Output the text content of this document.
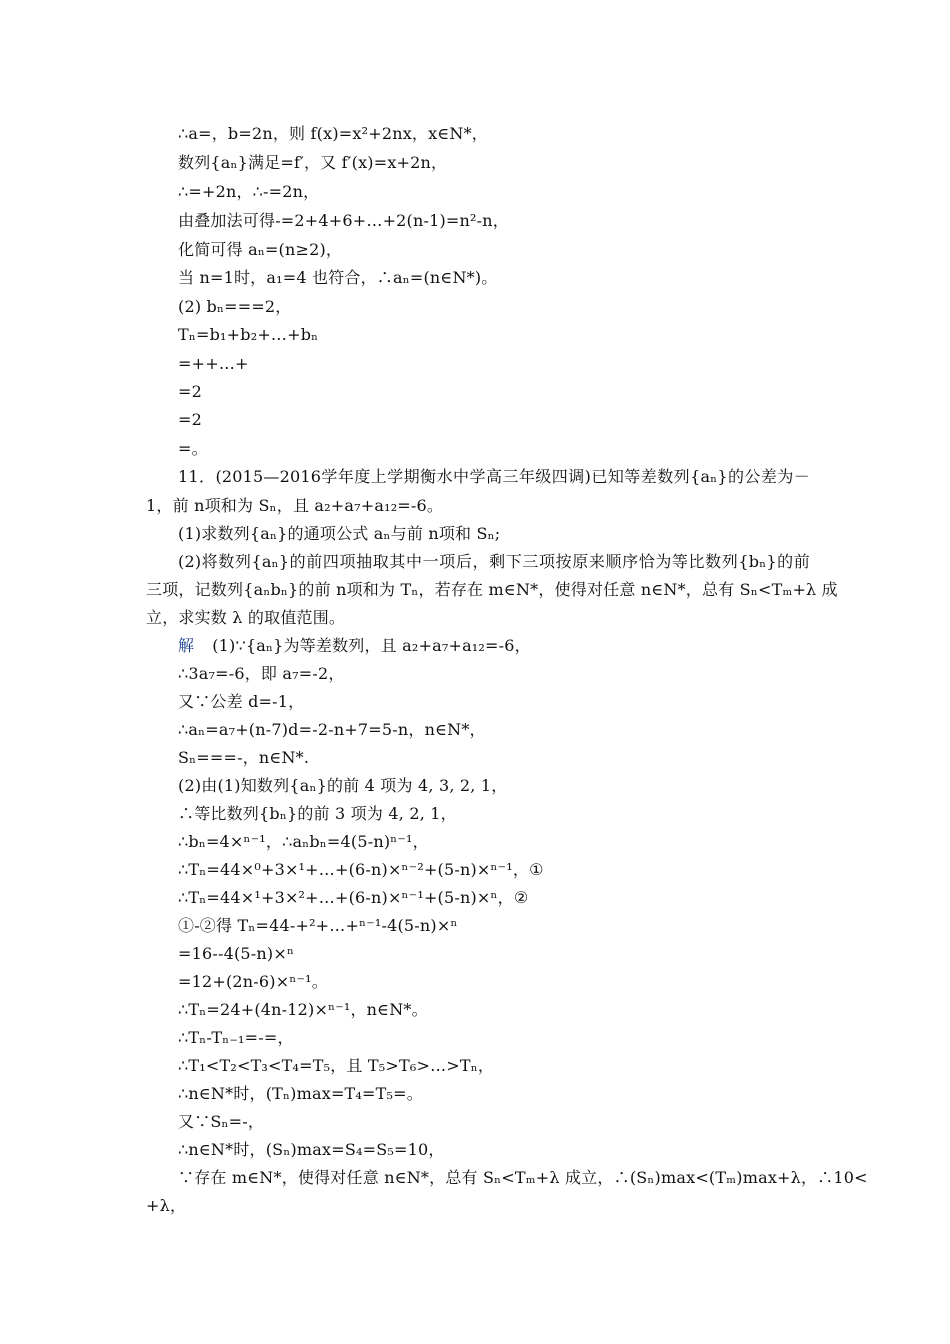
∴a=，b=2n，则 f(x)=x²+2nx，x∈N*，
数列{aₙ}满足=f′，又 f′(x)=x+2n，
∴=+2n，∴-=2n，
由叠加法可得-=2+4+6+…+2(n-1)=n²-n，
化简可得 aₙ=(n≥2)，
当 n=1时，a₁=4 也符合，∴aₙ=(n∈N*)。
(2) bₙ===2，
Tₙ=b₁+b₂+…+bₙ
=++…+
=2
=2
=。
11．(2015—2016学年度上学期衡水中学高三年级四调)已知等差数列{aₙ}的公差为－
1，前 n项和为 Sₙ，且 a₂+a₇+a₁₂=-6。
(1)求数列{aₙ}的通项公式 aₙ与前 n项和 Sₙ;
(2)将数列{aₙ}的前四项抽取其中一项后，剩下三项按原来顺序恰为等比数列{bₙ}的前
三项，记数列{aₙbₙ}的前 n项和为 Tₙ，若存在 m∈N*，使得对任意 n∈N*，总有 Sₙ<Tₘ+λ 成
立，求实数 λ 的取值范围。
解 (1)∵{aₙ}为等差数列，且 a₂+a₇+a₁₂=-6，
∴3a₇=-6，即 a₇=-2，
又∵公差 d=-1，
∴aₙ=a₇+(n-7)d=-2-n+7=5-n，n∈N*，
Sₙ===-，n∈N*.
(2)由(1)知数列{aₙ}的前 4 项为 4, 3, 2, 1，
∴等比数列{bₙ}的前 3 项为 4, 2, 1，
∴bₙ=4×ⁿ⁻¹，∴aₙbₙ=4(5-n)ⁿ⁻¹，
∴Tₙ=44×⁰+3×¹+…+(6-n)×ⁿ⁻²+(5-n)×ⁿ⁻¹，①
∴Tₙ=44×¹+3×²+…+(6-n)×ⁿ⁻¹+(5-n)×ⁿ，②
①-②得 Tₙ=44-+²+…+ⁿ⁻¹-4(5-n)×ⁿ
=16--4(5-n)×ⁿ
=12+(2n-6)×ⁿ⁻¹。
∴Tₙ=24+(4n-12)×ⁿ⁻¹，n∈N*。
∴Tₙ-Tₙ₋₁=-=，
∴T₁<T₂<T₃<T₄=T₅，且 T₅>T₆>…>Tₙ，
∴n∈N*时，(Tₙ)max=T₄=T₅=。
又∵Sₙ=-，
∴n∈N*时，(Sₙ)max=S₄=S₅=10，
∵存在 m∈N*，使得对任意 n∈N*，总有 Sₙ<Tₘ+λ 成立，∴(Sₙ)max<(Tₘ)max+λ，∴10<
+λ，
